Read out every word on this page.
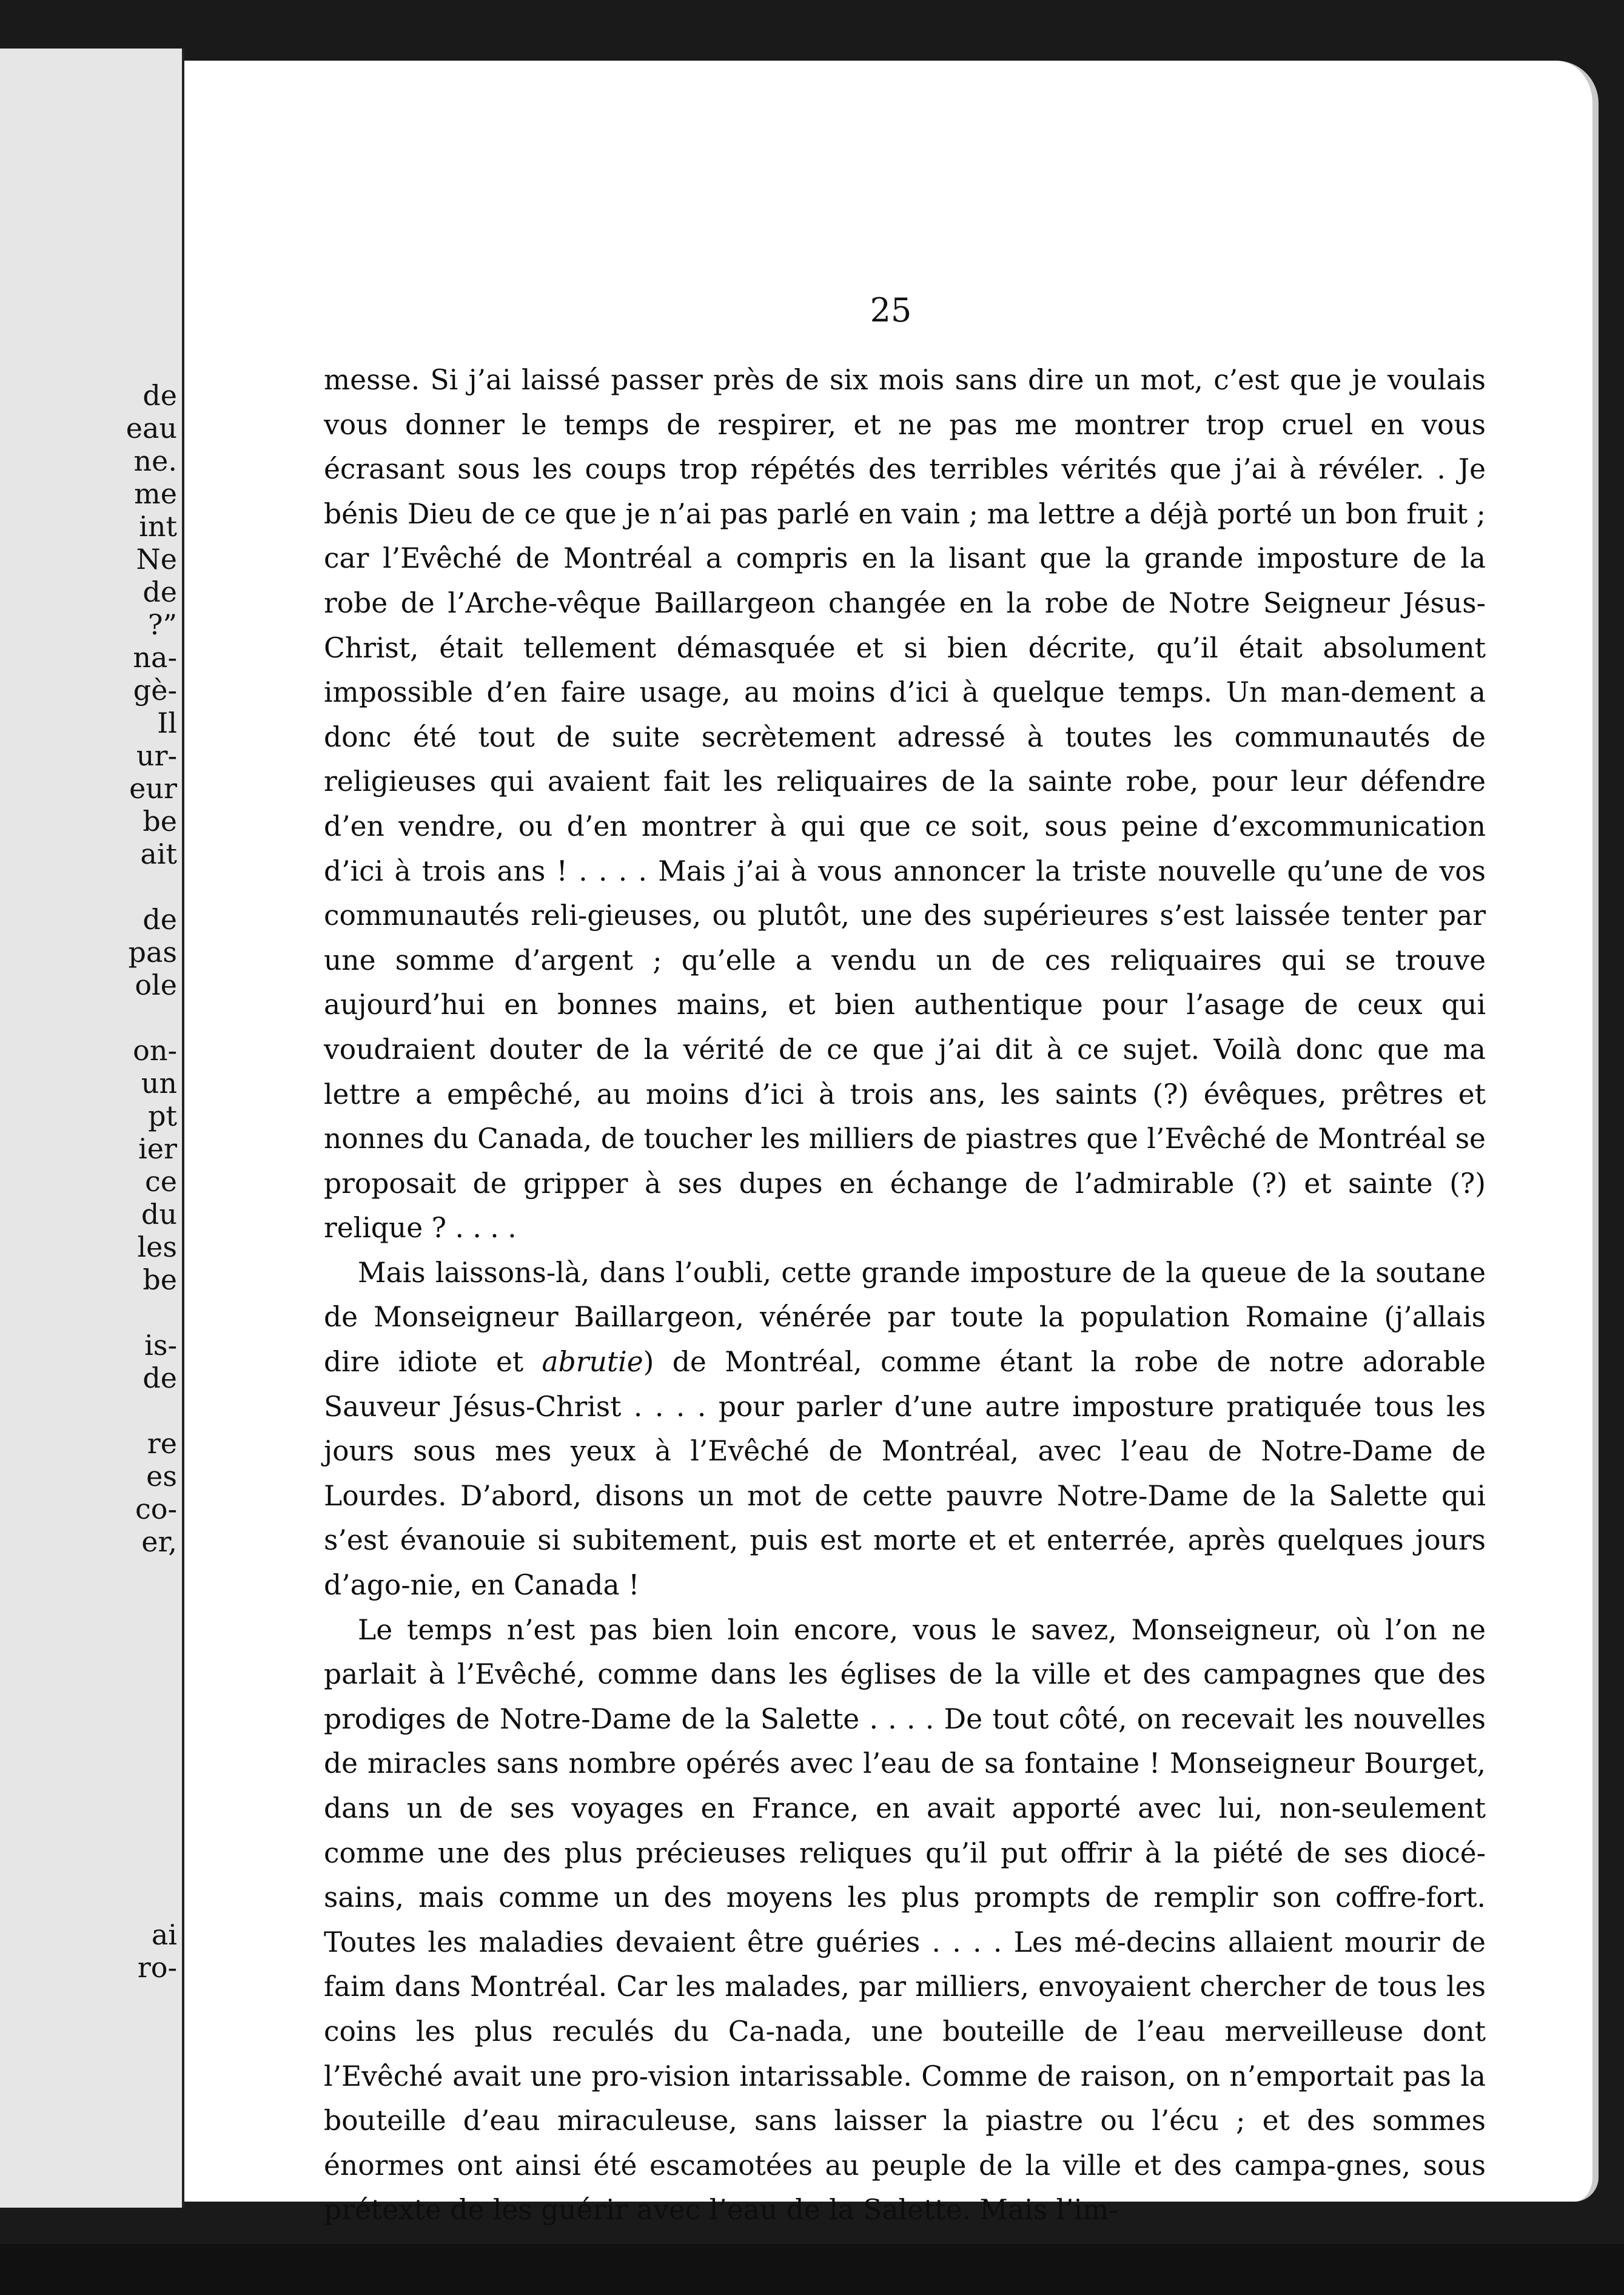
de
eau
ne.
me
int
Ne
de
?”
na-
gè-
Il
ur-
eur
be
ait
de
pas
ole
on-
un
pt
ier
ce
du
les
be
is-
de
re
es
co-
er,
ai
ro-
25

messe. Si j’ai laissé passer près de six mois sans dire un mot, c’est que je voulais vous donner le temps de respirer, et ne pas me montrer trop cruel en vous écrasant sous les coups trop répétés des terribles vérités que j’ai à révéler. . Je bénis Dieu de ce que je n’ai pas parlé en vain ; ma lettre a déjà porté un bon fruit ; car l’Evêché de Montréal a compris en la lisant que la grande imposture de la robe de l’Arche-vêque Baillargeon changée en la robe de Notre Seigneur Jésus-Christ, était tellement démasquée et si bien décrite, qu’il était absolument impossible d’en faire usage, au moins d’ici à quelque temps. Un man-dement a donc été tout de suite secrètement adressé à toutes les communautés de religieuses qui avaient fait les reliquaires de la sainte robe, pour leur défendre d’en vendre, ou d’en montrer à qui que ce soit, sous peine d’excommunication d’ici à trois ans ! . . . . Mais j’ai à vous annoncer la triste nouvelle qu’une de vos communautés reli-gieuses, ou plutôt, une des supérieures s’est laissée tenter par une somme d’argent ; qu’elle a vendu un de ces reliquaires qui se trouve aujourd’hui en bonnes mains, et bien authentique pour l’asage de ceux qui voudraient douter de la vérité de ce que j’ai dit à ce sujet. Voilà donc que ma lettre a empêché, au moins d’ici à trois ans, les saints (?) évêques, prêtres et nonnes du Canada, de toucher les milliers de piastres que l’Evêché de Montréal se proposait de gripper à ses dupes en échange de l’admirable (?) et sainte (?) relique ? . . . .

Mais laissons-là, dans l’oubli, cette grande imposture de la queue de la soutane de Monseigneur Baillargeon, vénérée par toute la population Romaine (j’allais dire idiote et abrutie) de Montréal, comme étant la robe de notre adorable Sauveur Jésus-Christ . . . . pour parler d’une autre imposture pratiquée tous les jours sous mes yeux à l’Evêché de Montréal, avec l’eau de Notre-Dame de Lourdes. D’abord, disons un mot de cette pauvre Notre-Dame de la Salette qui s’est évanouie si subitement, puis est morte et et enterrée, après quelques jours d’ago-nie, en Canada !

Le temps n’est pas bien loin encore, vous le savez, Monseigneur, où l’on ne parlait à l’Evêché, comme dans les églises de la ville et des campagnes que des prodiges de Notre-Dame de la Salette . . . . De tout côté, on recevait les nouvelles de miracles sans nombre opérés avec l’eau de sa fontaine ! Monseigneur Bourget, dans un de ses voyages en France, en avait apporté avec lui, non-seulement comme une des plus précieuses reliques qu’il put offrir à la piété de ses diocé-sains, mais comme un des moyens les plus prompts de remplir son coffre-fort. Toutes les maladies devaient être guéries . . . . Les mé-decins allaient mourir de faim dans Montréal. Car les malades, par milliers, envoyaient chercher de tous les coins les plus reculés du Ca-nada, une bouteille de l’eau merveilleuse dont l’Evêché avait une pro-vision intarissable. Comme de raison, on n’emportait pas la bouteille d’eau miraculeuse, sans laisser la piastre ou l’écu ; et des sommes énormes ont ainsi été escamotées au peuple de la ville et des campa-gnes, sous prétexte de les guérir avec l’eau de la Salette. Mais l’im-
